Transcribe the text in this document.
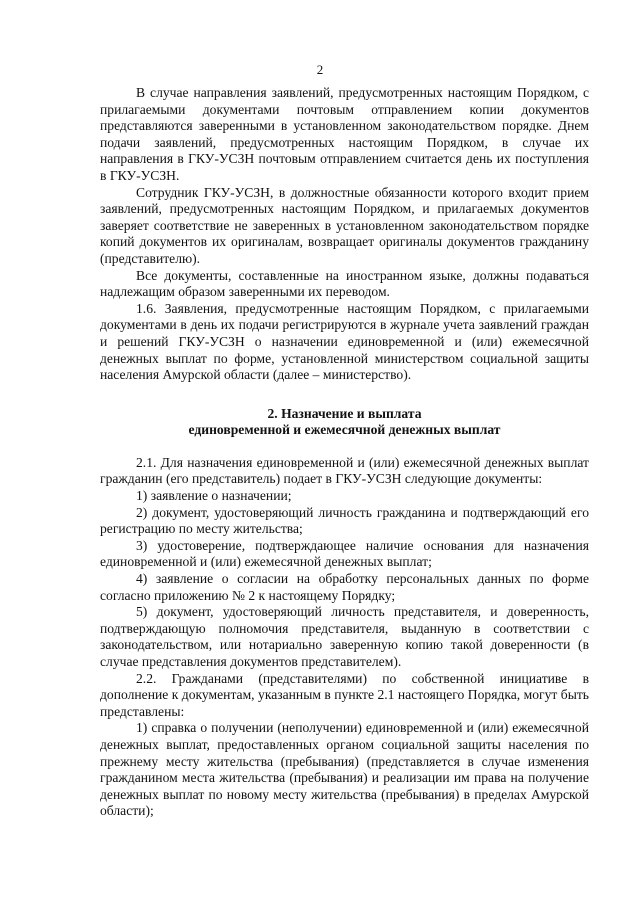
2

В случае направления заявлений, предусмотренных настоящим Порядком, с прилагаемыми документами почтовым отправлением копии документов представляются заверенными в установленном законодательством порядке. Днем подачи заявлений, предусмотренных настоящим Порядком, в случае их направления в ГКУ-УСЗН почтовым отправлением считается день их поступления в ГКУ-УСЗН.

Сотрудник ГКУ-УСЗН, в должностные обязанности которого входит прием заявлений, предусмотренных настоящим Порядком, и прилагаемых документов заверяет соответствие не заверенных в установленном законодательством порядке копий документов их оригиналам, возвращает оригиналы документов гражданину (представителю).

Все документы, составленные на иностранном языке, должны подаваться надлежащим образом заверенными их переводом.

1.6. Заявления, предусмотренные настоящим Порядком, с прилагаемыми документами в день их подачи регистрируются в журнале учета заявлений граждан и решений ГКУ-УСЗН о назначении единовременной и (или) ежемесячной денежных выплат по форме, установленной министерством социальной защиты населения Амурской области (далее – министерство).

2. Назначение и выплата
единовременной и ежемесячной денежных выплат

2.1. Для назначения единовременной и (или) ежемесячной денежных выплат гражданин (его представитель) подает в ГКУ-УСЗН следующие документы:

1) заявление о назначении;

2) документ, удостоверяющий личность гражданина и подтверждающий его регистрацию по месту жительства;

3) удостоверение, подтверждающее наличие основания для назначения единовременной и (или) ежемесячной денежных выплат;

4) заявление о согласии на обработку персональных данных по форме согласно приложению № 2 к настоящему Порядку;

5) документ, удостоверяющий личность представителя, и доверенность, подтверждающую полномочия представителя, выданную в соответствии с законодательством, или нотариально заверенную копию такой доверенности (в случае представления документов представителем).

2.2. Гражданами (представителями) по собственной инициативе в дополнение к документам, указанным в пункте 2.1 настоящего Порядка, могут быть представлены:

1) справка о получении (неполучении) единовременной и (или) ежемесячной денежных выплат, предоставленных органом социальной защиты населения по прежнему месту жительства (пребывания) (представляется в случае изменения гражданином места жительства (пребывания) и реализации им права на получение денежных выплат по новому месту жительства (пребывания) в пределах Амурской области);
